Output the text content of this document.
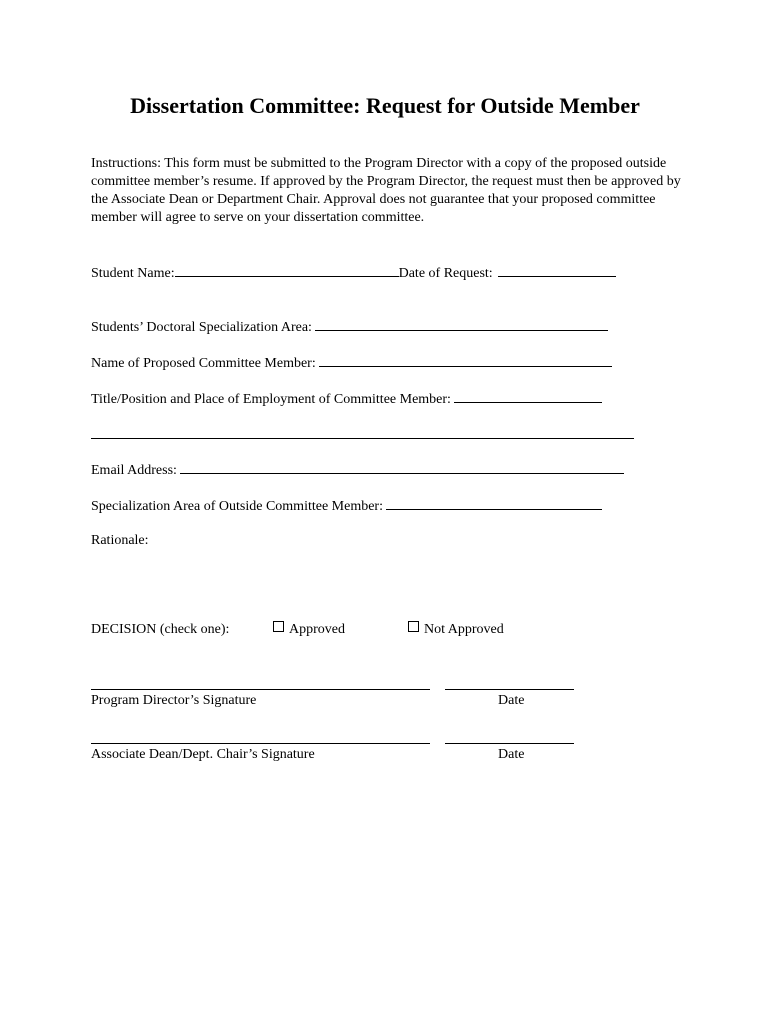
Dissertation Committee: Request for Outside Member
Instructions: This form must be submitted to the Program Director with a copy of the proposed outside committee member’s resume. If approved by the Program Director, the request must then be approved by the Associate Dean or Department Chair. Approval does not guarantee that your proposed committee member will agree to serve on your dissertation committee.
Student Name:	Date of Request:
Students’ Doctoral Specialization Area:
Name of Proposed Committee Member:
Title/Position and Place of Employment of Committee Member:
Email Address:
Specialization Area of Outside Committee Member:
Rationale:
DECISION (check one):	Approved	Not Approved
Program Director’s Signature	Date
Associate Dean/Dept. Chair’s Signature	Date
